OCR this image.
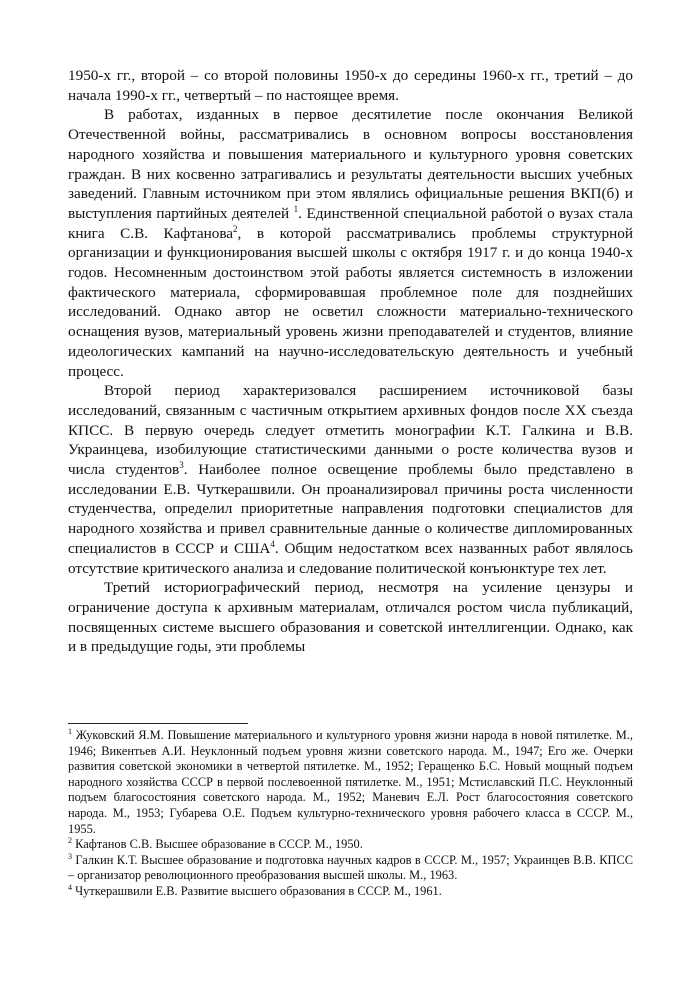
1950-х гг., второй – со второй половины 1950-х до середины 1960-х гг., третий – до начала 1990-х гг., четвертый – по настоящее время.

В работах, изданных в первое десятилетие после окончания Великой Отечественной войны, рассматривались в основном вопросы восстановления народного хозяйства и повышения материального и культурного уровня советских граждан. В них косвенно затрагивались и результаты деятельности высших учебных заведений. Главным источником при этом являлись официальные решения ВКП(б) и выступления партийных деятелей $^1$. Единственной специальной работой о вузах стала книга С.В. Кафтанова$^2$, в которой рассматривались проблемы структурной организации и функционирования высшей школы с октября 1917 г. и до конца 1940-х годов. Несомненным достоинством этой работы является системность в изложении фактического материала, сформировавшая проблемное поле для позднейших исследований. Однако автор не осветил сложности материально-технического оснащения вузов, материальный уровень жизни преподавателей и студентов, влияние идеологических кампаний на научно-исследовательскую деятельность и учебный процесс.

Второй период характеризовался расширением источниковой базы исследований, связанным с частичным открытием архивных фондов после XX съезда КПСС. В первую очередь следует отметить монографии К.Т. Галкина и В.В. Украинцева, изобилующие статистическими данными о росте количества вузов и числа студентов$^3$. Наиболее полное освещение проблемы было представлено в исследовании Е.В. Чуткерашвили. Он проанализировал причины роста численности студенчества, определил приоритетные направления подготовки специалистов для народного хозяйства и привел сравнительные данные о количестве дипломированных специалистов в СССР и США$^4$. Общим недостатком всех названных работ являлось отсутствие критического анализа и следование политической конъюнктуре тех лет.

Третий историографический период, несмотря на усиление цензуры и ограничение доступа к архивным материалам, отличался ростом числа публикаций, посвященных системе высшего образования и советской интеллигенции. Однако, как и в предыдущие годы, эти проблемы

$^1$ Жуковский Я.М. Повышение материального и культурного уровня жизни народа в новой пятилетке. М., 1946; Викентьев А.И. Неуклонный подъем уровня жизни советского народа. М., 1947; Его же. Очерки развития советской экономики в четвертой пятилетке. М., 1952; Геращенко Б.С. Новый мощный подъем народного хозяйства СССР в первой послевоенной пятилетке. М., 1951; Мстиславский П.С. Неуклонный подъем благосостояния советского народа. М., 1952; Маневич Е.Л. Рост благосостояния советского народа. М., 1953; Губарева О.Е. Подъем культурно-технического уровня рабочего класса в СССР. М., 1955.

$^2$ Кафтанов С.В. Высшее образование в СССР. М., 1950.

$^3$ Галкин К.Т. Высшее образование и подготовка научных кадров в СССР. М., 1957; Украинцев В.В. КПСС – организатор революционного преобразования высшей школы. М., 1963.

$^4$ Чуткерашвили Е.В. Развитие высшего образования в СССР. М., 1961.
